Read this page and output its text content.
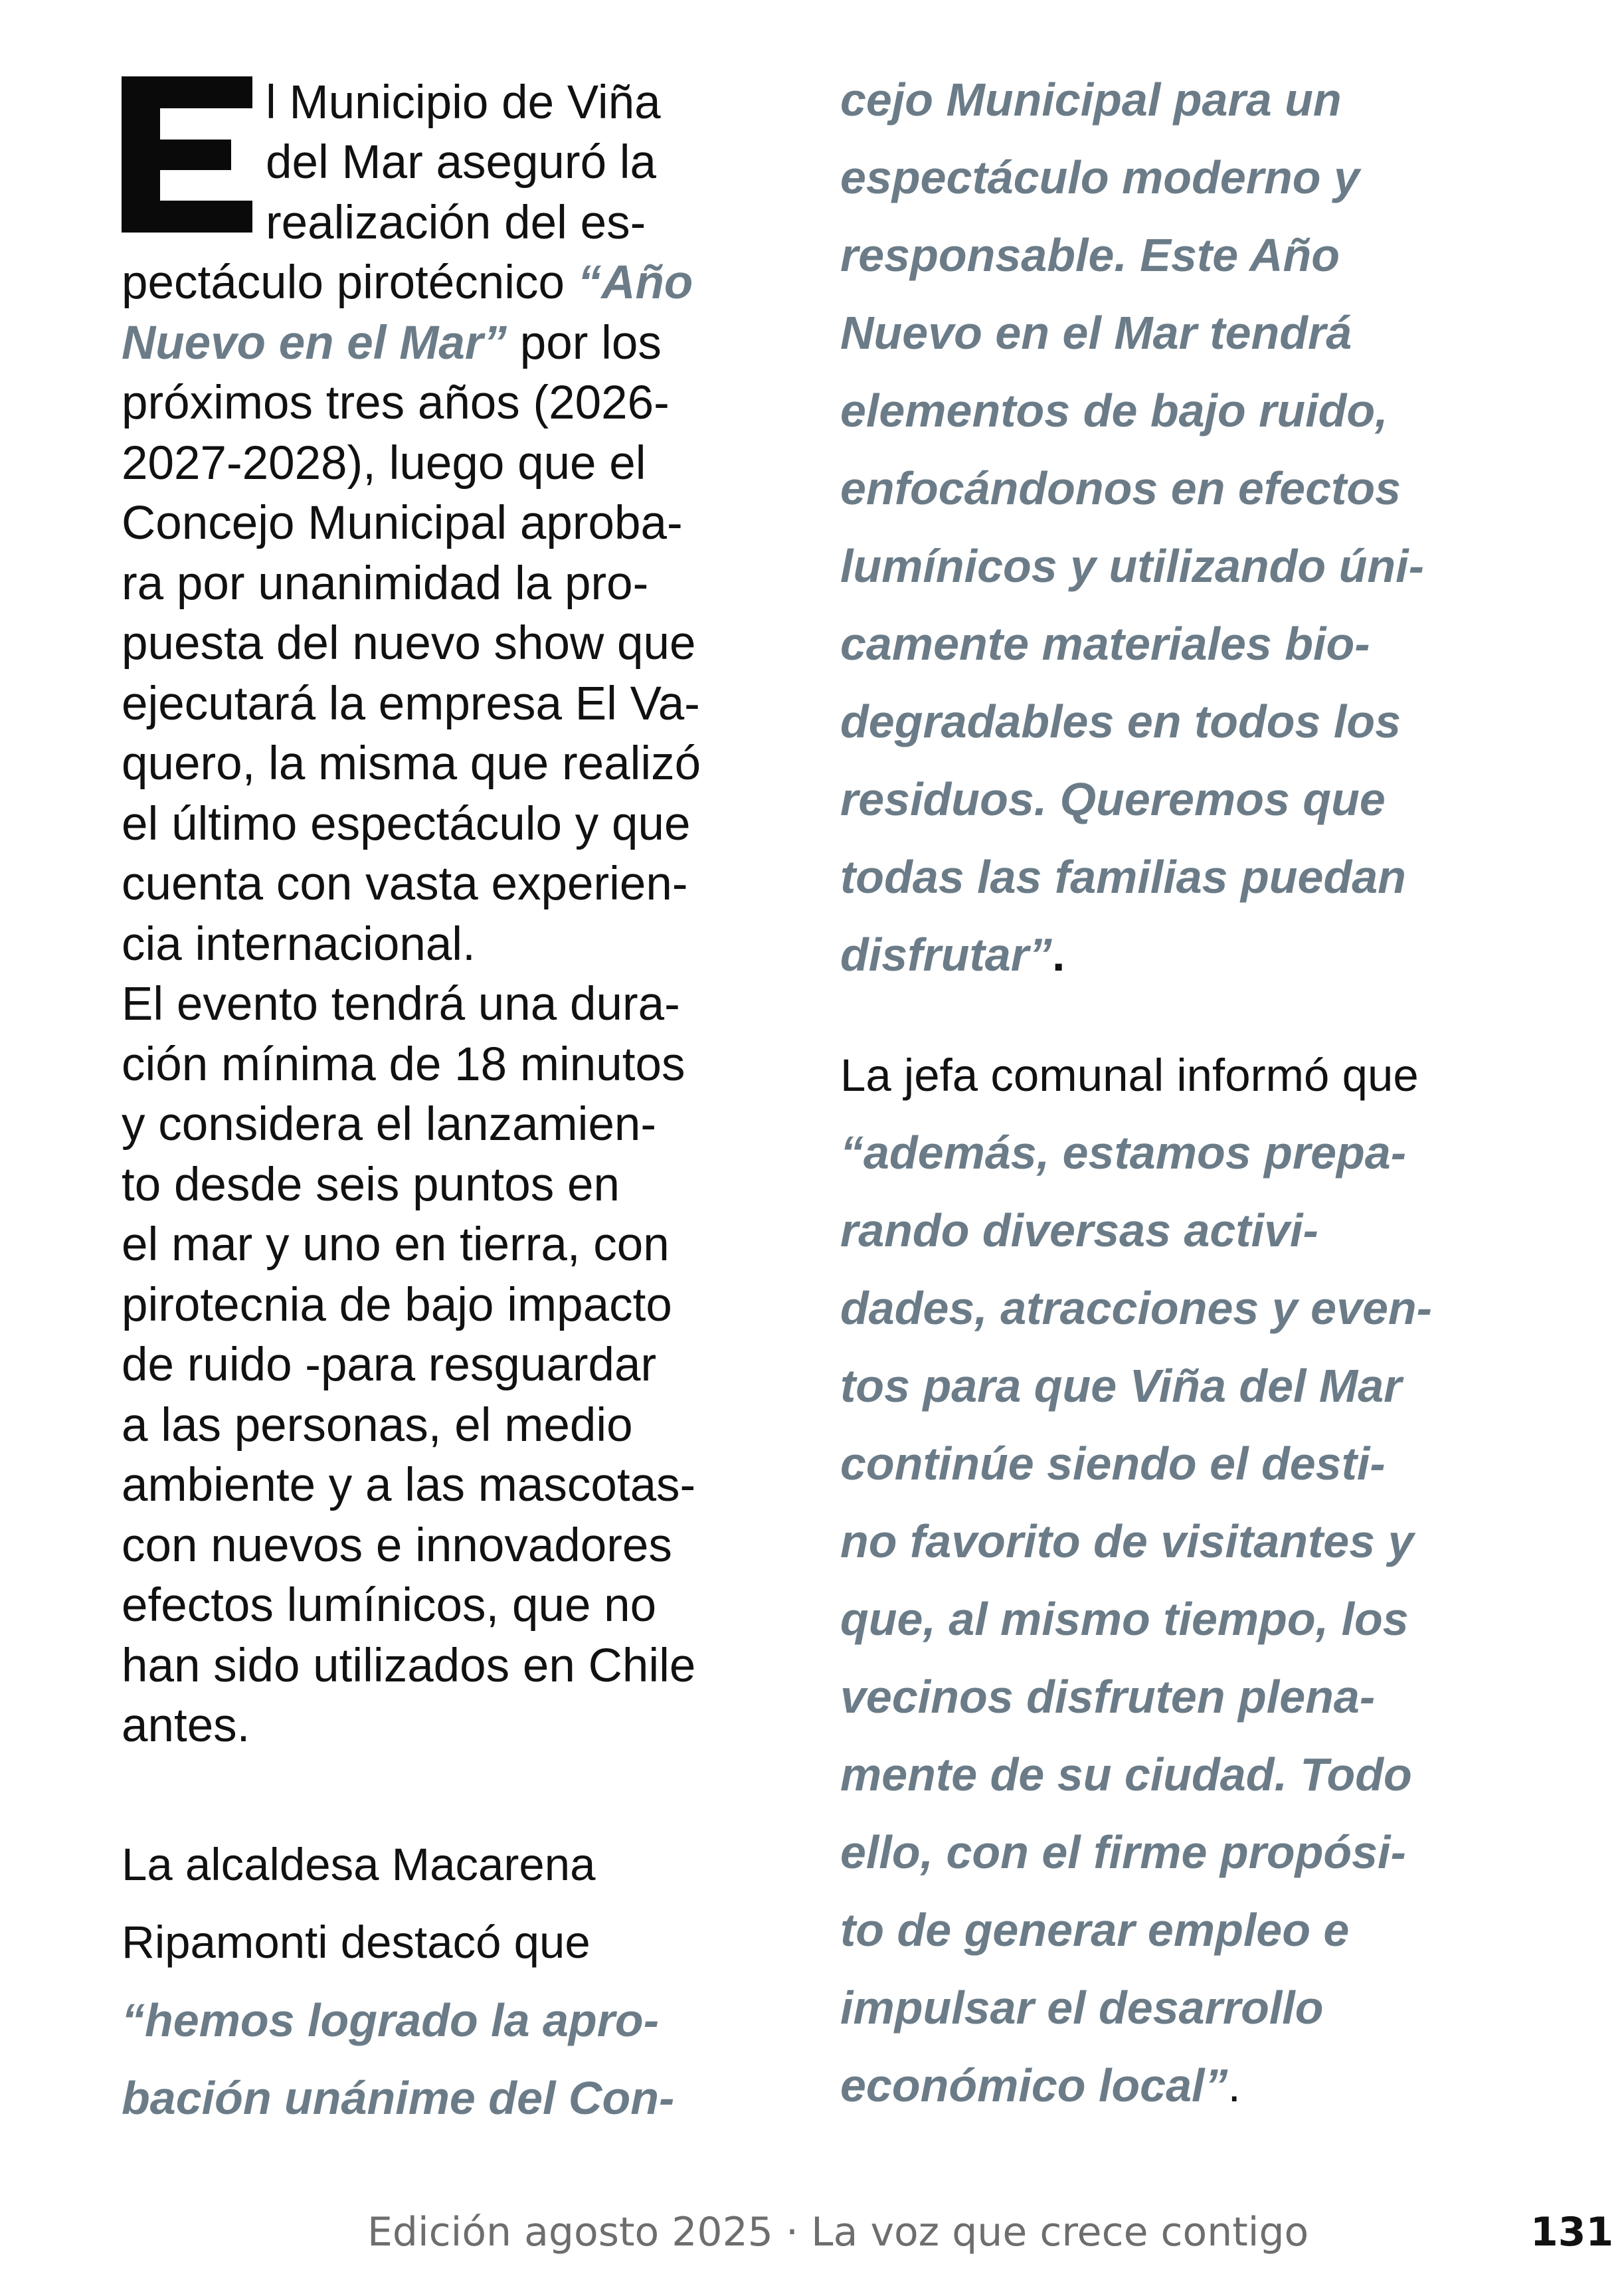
l Municipio de Viña
del Mar aseguró la
realización del es-
pectáculo pirotécnico “Año
Nuevo en el Mar” por los
próximos tres años (2026-
2027-2028), luego que el
Concejo Municipal aproba-
ra por unanimidad la pro-
puesta del nuevo show que
ejecutará la empresa El Va-
quero, la misma que realizó
el último espectáculo y que
cuenta con vasta experien-
cia internacional.
El evento tendrá una dura-
ción mínima de 18 minutos
y considera el lanzamien-
to desde seis puntos en
el mar y uno en tierra, con
pirotecnia de bajo impacto
de ruido -para resguardar
a las personas, el medio
ambiente y a las mascotas-
con nuevos e innovadores
efectos lumínicos, que no
han sido utilizados en Chile
antes.
La alcaldesa Macarena
Ripamonti destacó que
“hemos logrado la apro-
bación unánime del Con-
cejo Municipal para un
espectáculo moderno y
responsable. Este Año
Nuevo en el Mar tendrá
elementos de bajo ruido,
enfocándonos en efectos
lumínicos y utilizando úni-
camente materiales bio-
degradables en todos los
residuos. Queremos que
todas las familias puedan
disfrutar”.
La jefa comunal informó que
“además, estamos prepa-
rando diversas activi-
dades, atracciones y even-
tos para que Viña del Mar
continúe siendo el desti-
no favorito de visitantes y
que, al mismo tiempo, los
vecinos disfruten plena-
mente de su ciudad. Todo
ello, con el firme propósi-
to de generar empleo e
impulsar el desarrollo
económico local”.
Edición agosto 2025 · La voz que crece contigo	131
